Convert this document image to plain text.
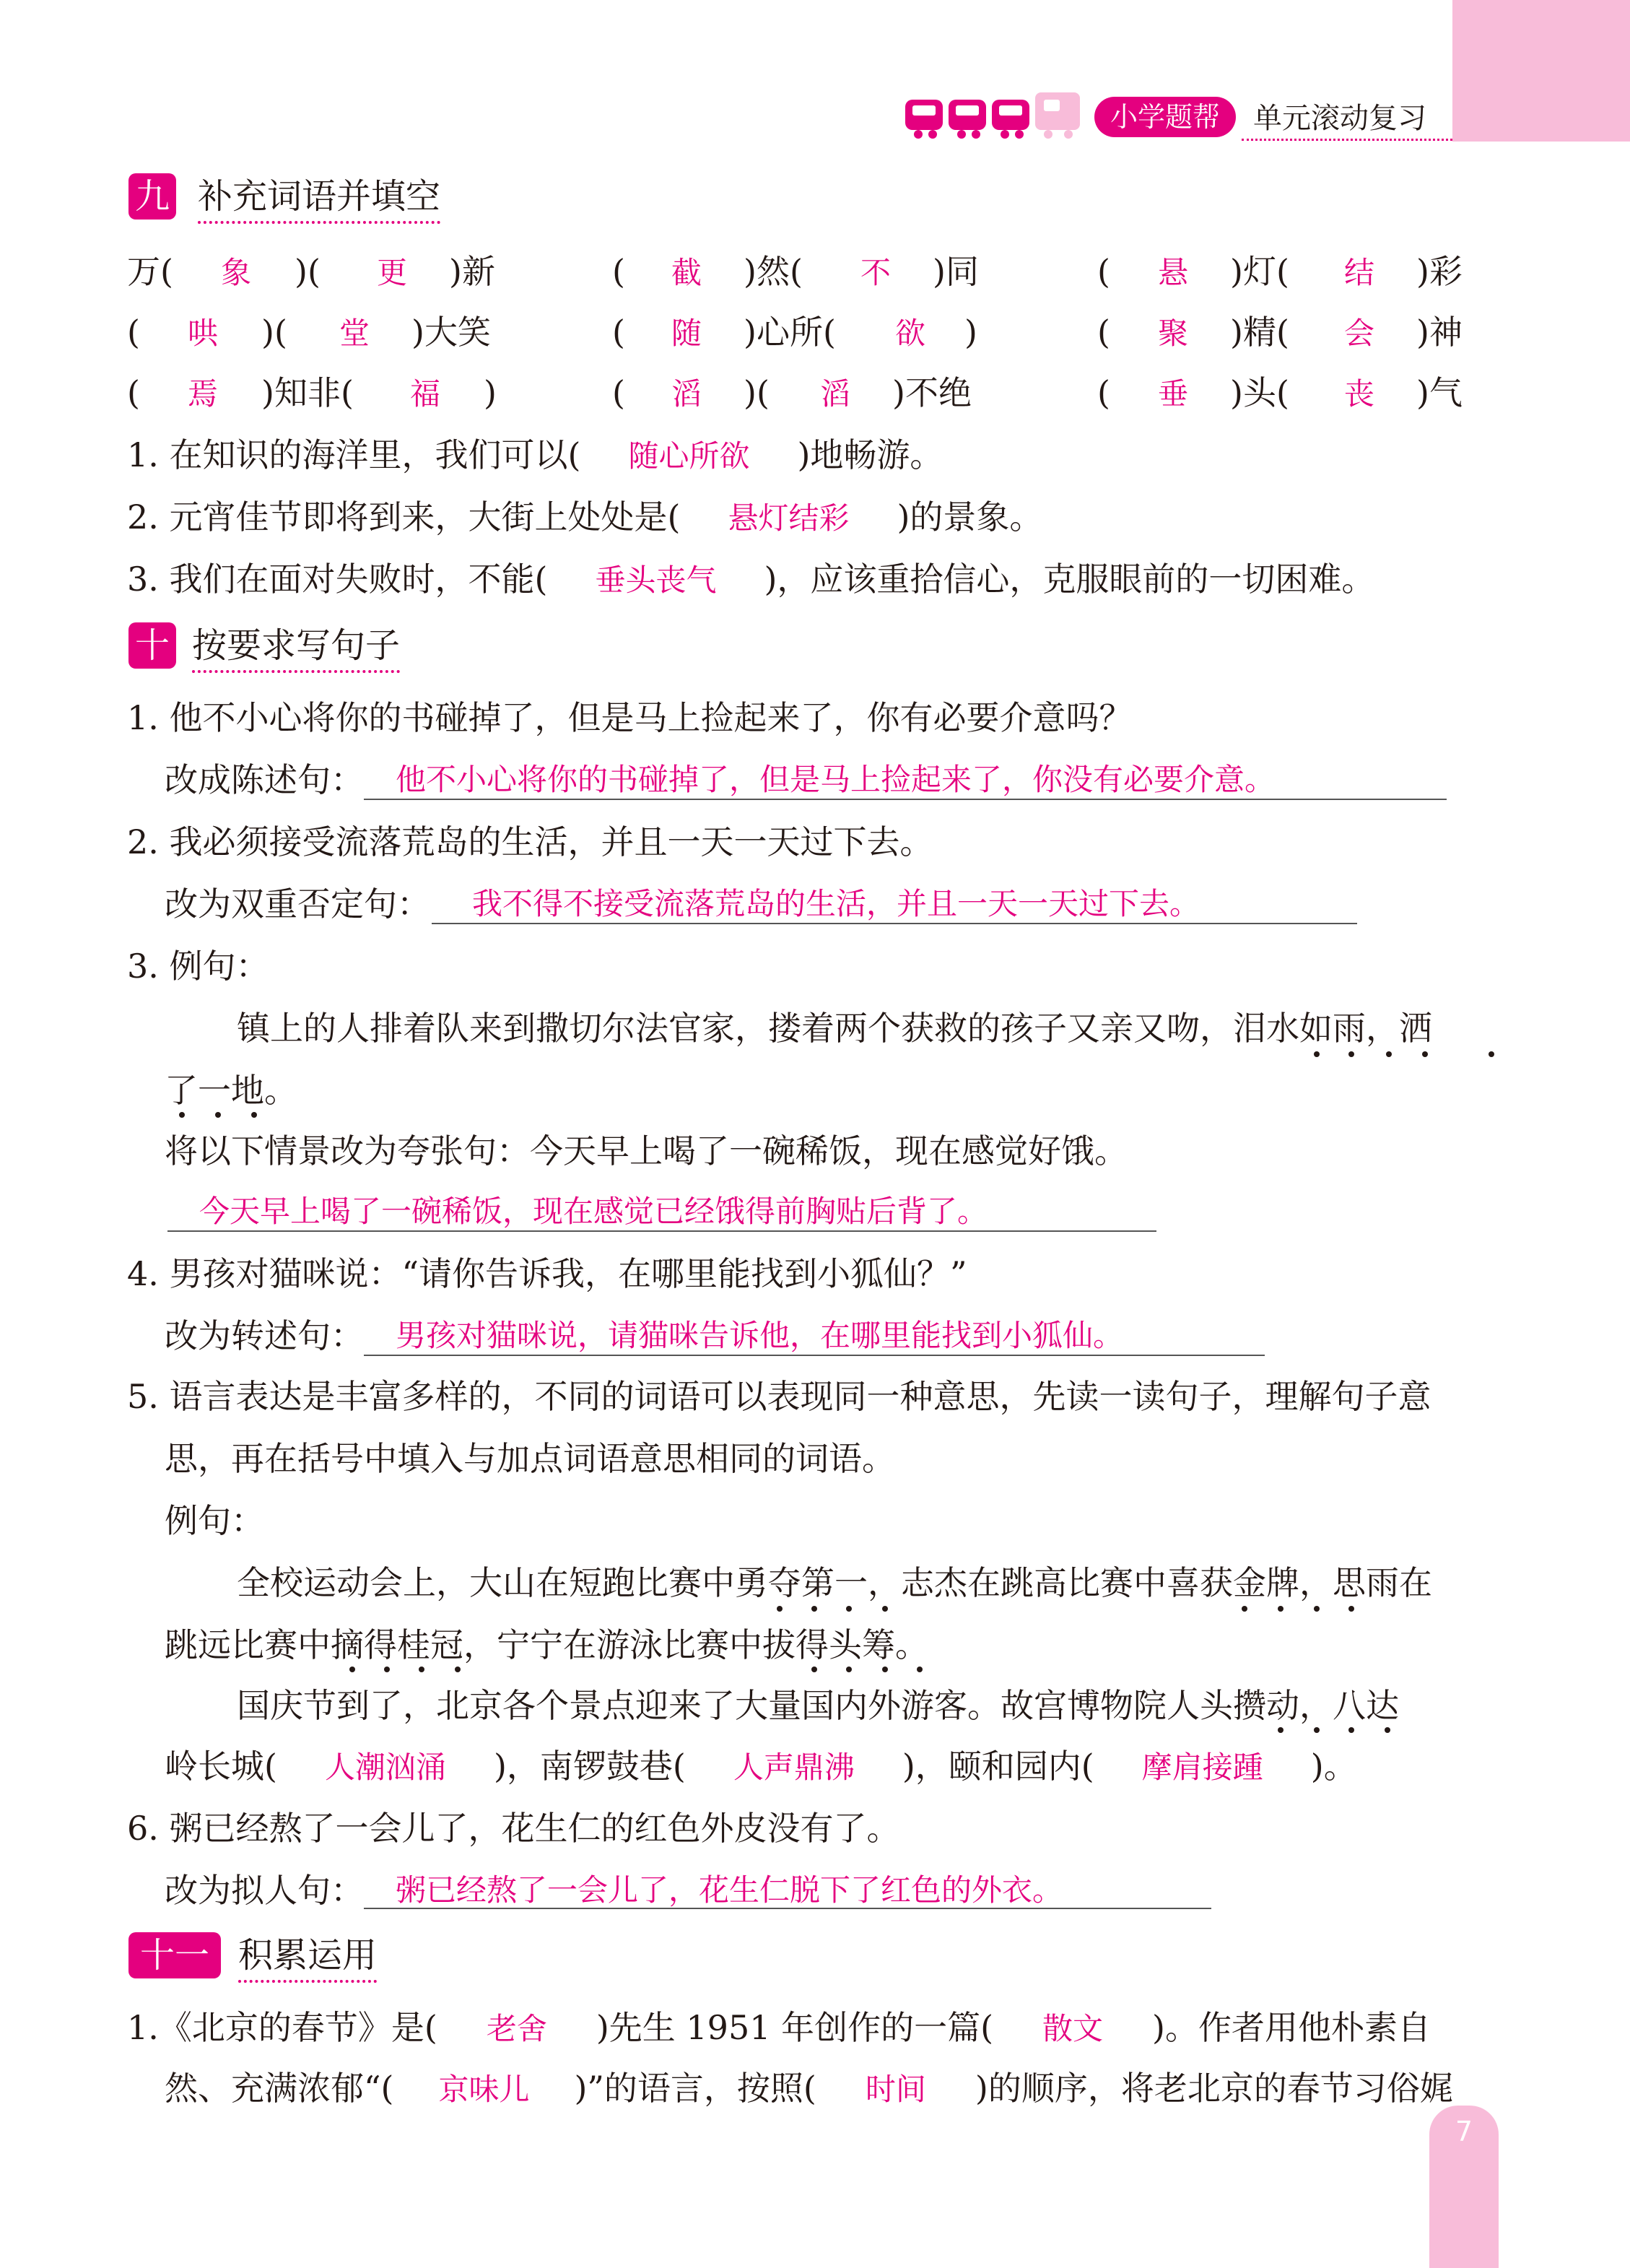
小学题帮	单元滚动复习
九 补充词语并填空
万( 象 )( 更 )新	( 截 )然( 不 )同	( 悬 )灯( 结 )彩
( 哄 )( 堂 )大笑	( 随 )心所( 欲 )	( 聚 )精( 会 )神
( 焉 )知非( 福 )	( 滔 )( 滔 )不绝	( 垂 )头( 丧 )气
1. 在知识的海洋里，我们可以( 随心所欲 )地畅游。
2. 元宵佳节即将到来，大街上处处是( 悬灯结彩 )的景象。
3. 我们在面对失败时，不能( 垂头丧气 )，应该重拾信心，克服眼前的一切困难。
十 按要求写句子
1. 他不小心将你的书碰掉了，但是马上捡起来了，你有必要介意吗？
改成陈述句： 他不小心将你的书碰掉了，但是马上捡起来了，你没有必要介意。
2. 我必须接受流落荒岛的生活，并且一天一天过下去。
改为双重否定句： 我不得不接受流落荒岛的生活，并且一天一天过下去。
3. 例句：
镇上的人排着队来到撒切尔法官家，搂着两个获救的孩子又亲又吻，泪水如雨，洒
了一地。
将以下情景改为夸张句：今天早上喝了一碗稀饭，现在感觉好饿。
今天早上喝了一碗稀饭，现在感觉已经饿得前胸贴后背了。
4. 男孩对猫咪说：“请你告诉我，在哪里能找到小狐仙？”
改为转述句： 男孩对猫咪说，请猫咪告诉他，在哪里能找到小狐仙。
5. 语言表达是丰富多样的，不同的词语可以表现同一种意思，先读一读句子，理解句子意
思，再在括号中填入与加点词语意思相同的词语。
例句：
全校运动会上，大山在短跑比赛中勇夺第一，志杰在跳高比赛中喜获金牌，思雨在
跳远比赛中摘得桂冠，宁宁在游泳比赛中拔得头筹。
国庆节到了，北京各个景点迎来了大量国内外游客。故宫博物院人头攒动，八达
岭长城( 人潮汹涌 )，南锣鼓巷( 人声鼎沸 )，颐和园内( 摩肩接踵 )。
6. 粥已经熬了一会儿了，花生仁的红色外皮没有了。
改为拟人句： 粥已经熬了一会儿了，花生仁脱下了红色的外衣。
十一 积累运用
1.《北京的春节》是( 老舍 )先生 1951 年创作的一篇( 散文 )。作者用他朴素自
然、充满浓郁“( 京味儿 )”的语言，按照( 时间 )的顺序，将老北京的春节习俗娓
7
